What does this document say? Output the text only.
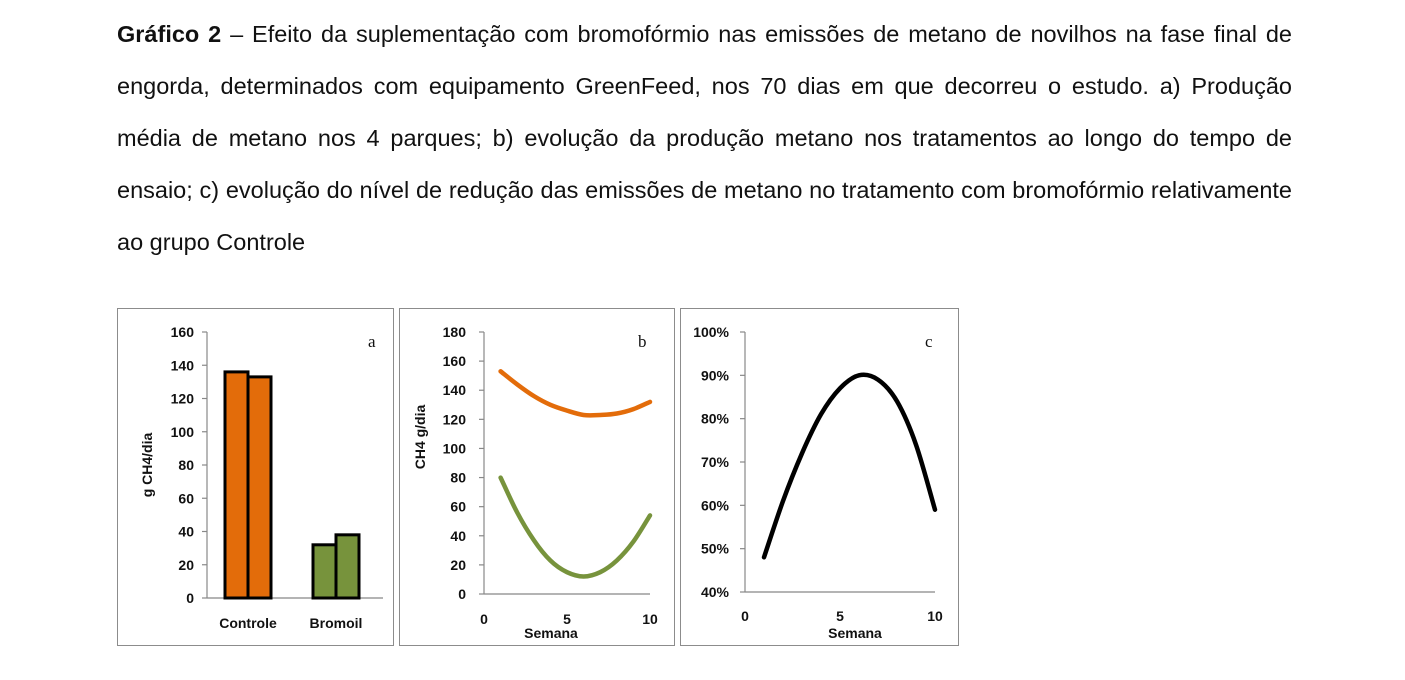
Gráfico 2 – Efeito da suplementação com bromofórmio nas emissões de metano de novilhos na fase final de engorda, determinados com equipamento GreenFeed, nos 70 dias em que decorreu o estudo. a) Produção média de metano nos 4 parques; b) evolução da produção metano nos tratamentos ao longo do tempo de ensaio; c) evolução do nível de redução das emissões de metano no tratamento com bromofórmio relativamente ao grupo Controle

0
20
40
60
80
100
120
140
160
Controle Bromoil
a
g CH4/dia
0
20
40
60
80
100
120
140
160
180
0	5	10
Semana
CH4 g/dia
b
40%
50%
60%
70%
80%
90%
100%
0	5	10
Semana
c
